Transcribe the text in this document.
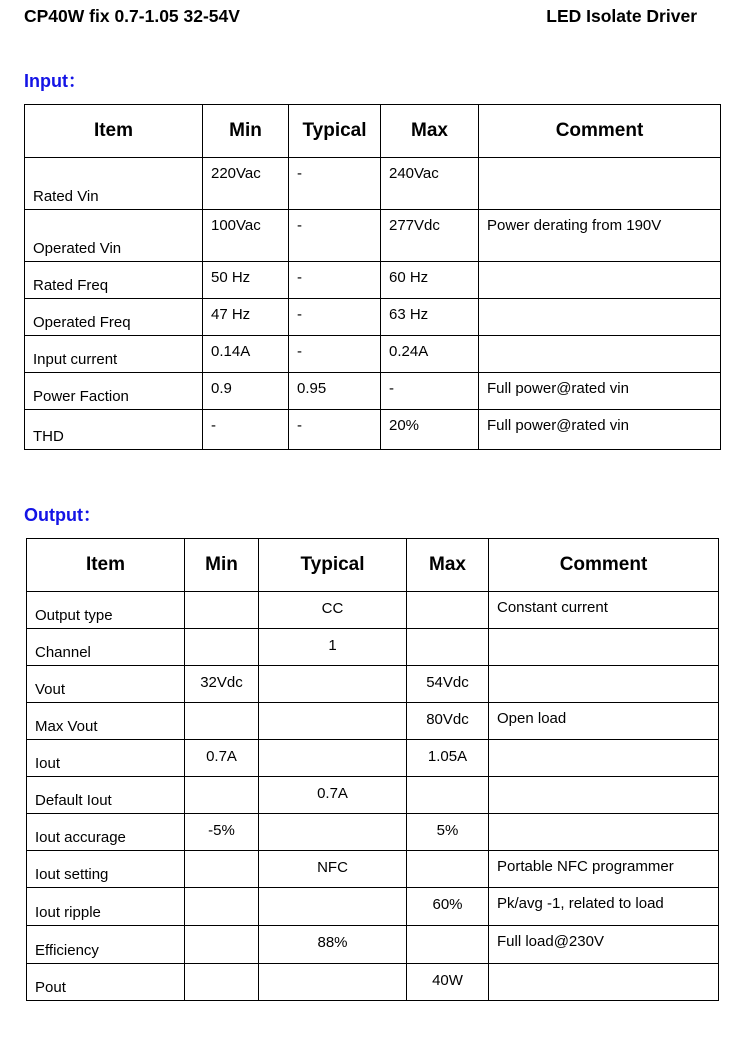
CP40W fix 0.7-1.05 32-54V	LED Isolate Driver
Input：
Item	Min	Typical	Max	Comment
Rated Vin	220Vac	-	240Vac	
Operated Vin	100Vac	-	277Vdc	Power derating from 190V
Rated Freq	50 Hz	-	60 Hz	
Operated Freq	47 Hz	-	63 Hz	
Input current	0.14A	-	0.24A	
Power Faction	0.9	0.95	-	Full power@rated vin
THD	-	-	20%	Full power@rated vin
Output：
Item	Min	Typical	Max	Comment
Output type		CC		Constant current
Channel		1		
Vout	32Vdc		54Vdc	
Max Vout			80Vdc	Open load
Iout	0.7A		1.05A	
Default Iout		0.7A		
Iout accurage	-5%		5%	
Iout setting		NFC		Portable NFC programmer
Iout ripple			60%	Pk/avg -1, related to load
Efficiency		88%		Full load@230V
Pout			40W	
